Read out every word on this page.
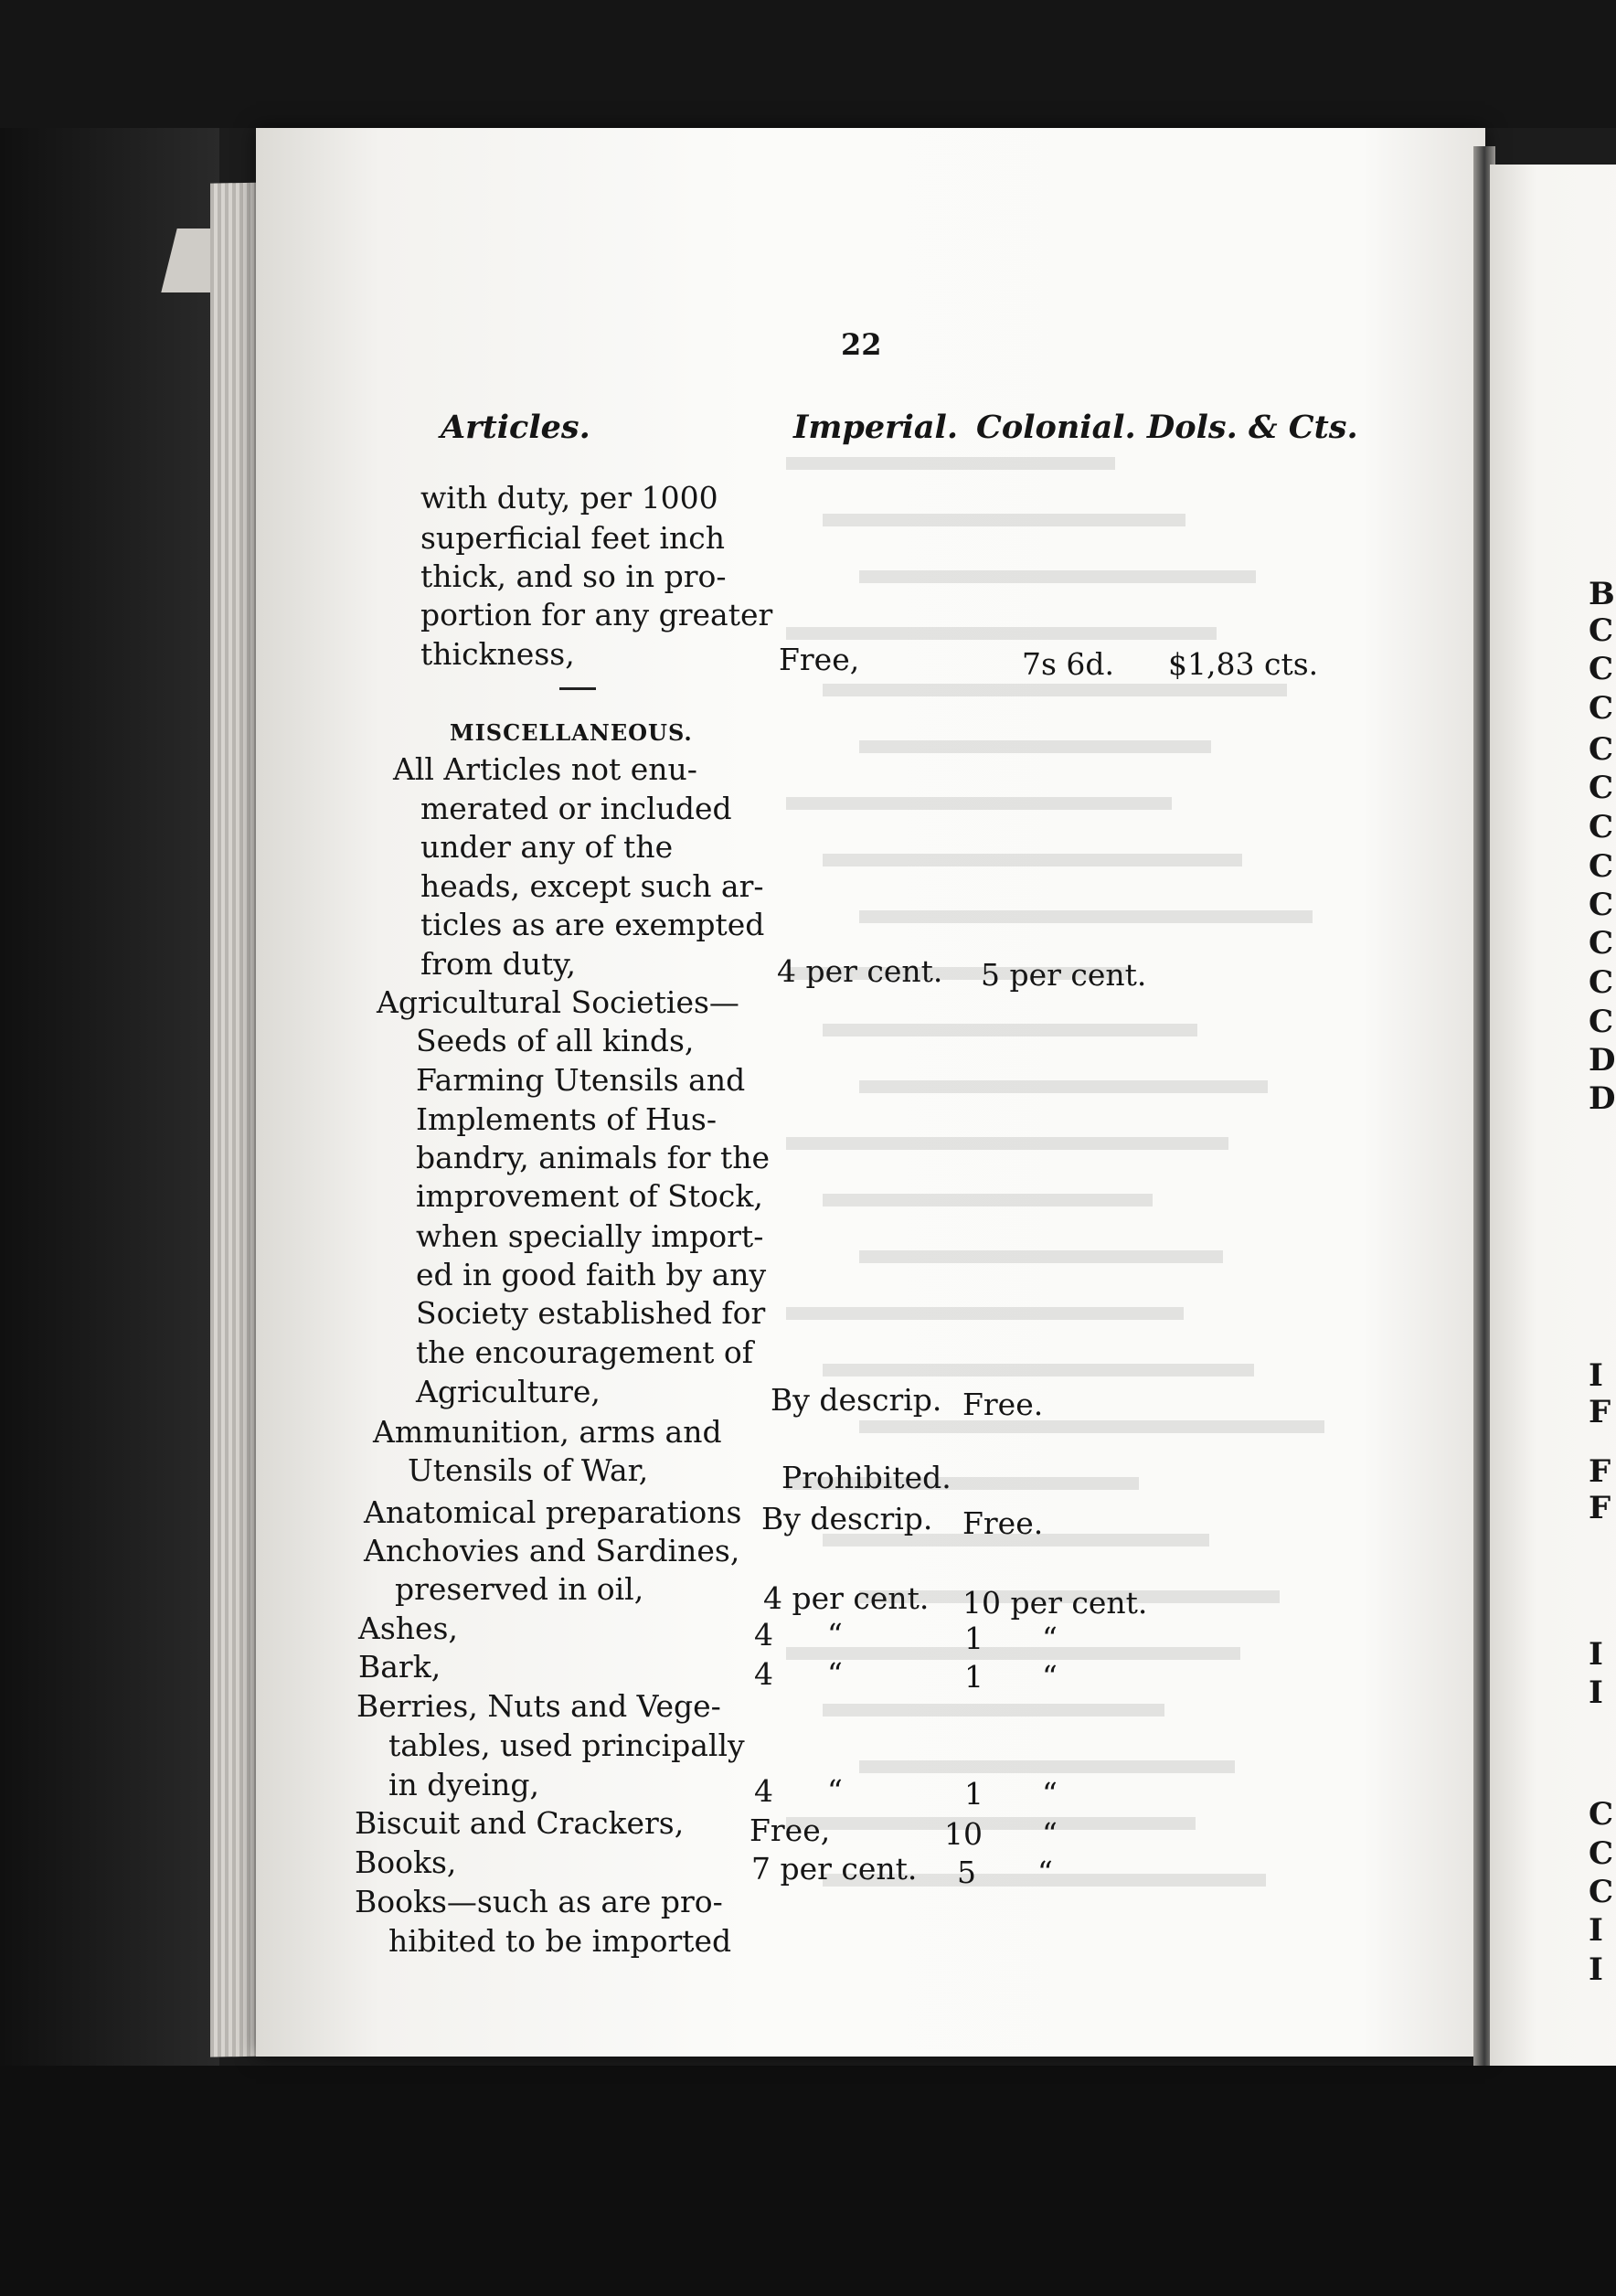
22
Articles.	Imperial. Colonial. Dols. & Cts.
with duty, per 1000
superficial feet inch
thick, and so in pro-
portion for any greater
thickness,	Free,	7s 6d. $1,83 cts.
MISCELLANEOUS.
All Articles not enu-
merated or included
under any of the
heads, except such ar-
ticles as are exempted
from duty,	4 per cent. 5 per cent.
Agricultural Societies—
Seeds of all kinds,
Farming Utensils and
Implements of Hus-
bandry, animals for the
improvement of Stock,
when specially import-
ed in good faith by any
Society established for
the encouragement of
Agriculture,	By descrip. Free.
Ammunition, arms and
Utensils of War,	Prohibited.
Anatomical preparations By descrip. Free.
Anchovies and Sardines,
preserved in oil,	4 per cent. 10 per cent.
Ashes,	4 “	1 “
Bark,	4 “	1 “
Berries, Nuts and Vege-
tables, used principally
in dyeing,	4 “	1 “
Biscuit and Crackers, Free,	10 “
Books,	7 per cent. 5 “
Books—such as are pro-
hibited to be imported
B
C
C
C
C
C
C
C
C
C
C
C
D
D
I
F
F
F
I
I
C
C
C
I
I
